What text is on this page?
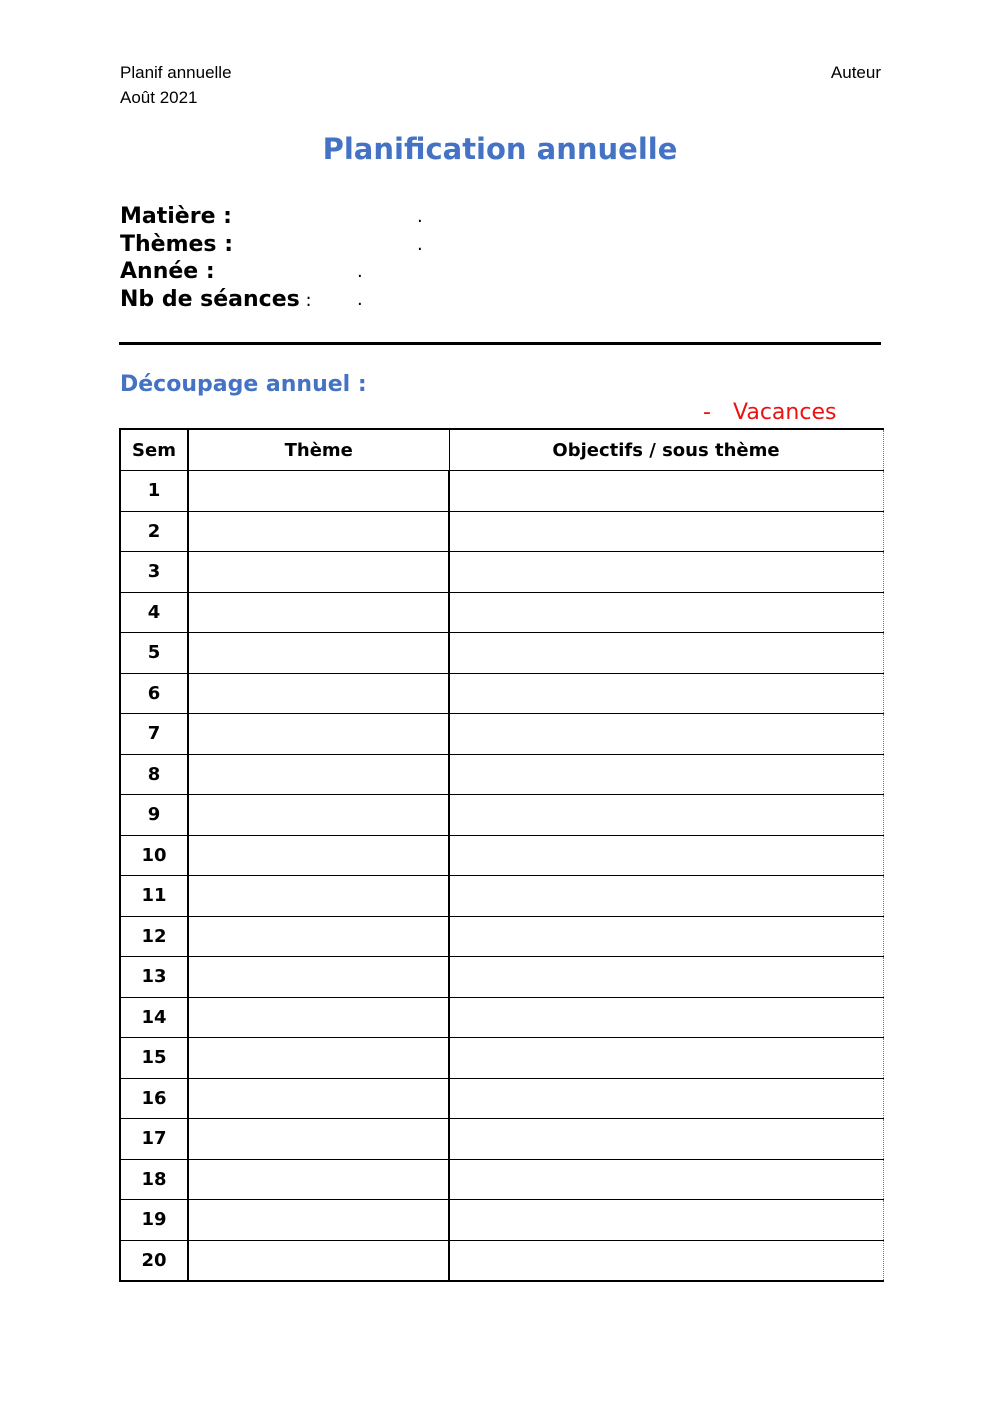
Planif annuelle
Août 2021
Auteur
Planification annuelle
Matière :	.
Thèmes :	.
Année :	.
Nb de séances :	.
Découpage annuel :
- Vacances
Sem	Thème	Objectifs / sous thème
1		
2		
3		
4		
5		
6		
7		
8		
9		
10		
11		
12		
13		
14		
15		
16		
17		
18		
19		
20		
